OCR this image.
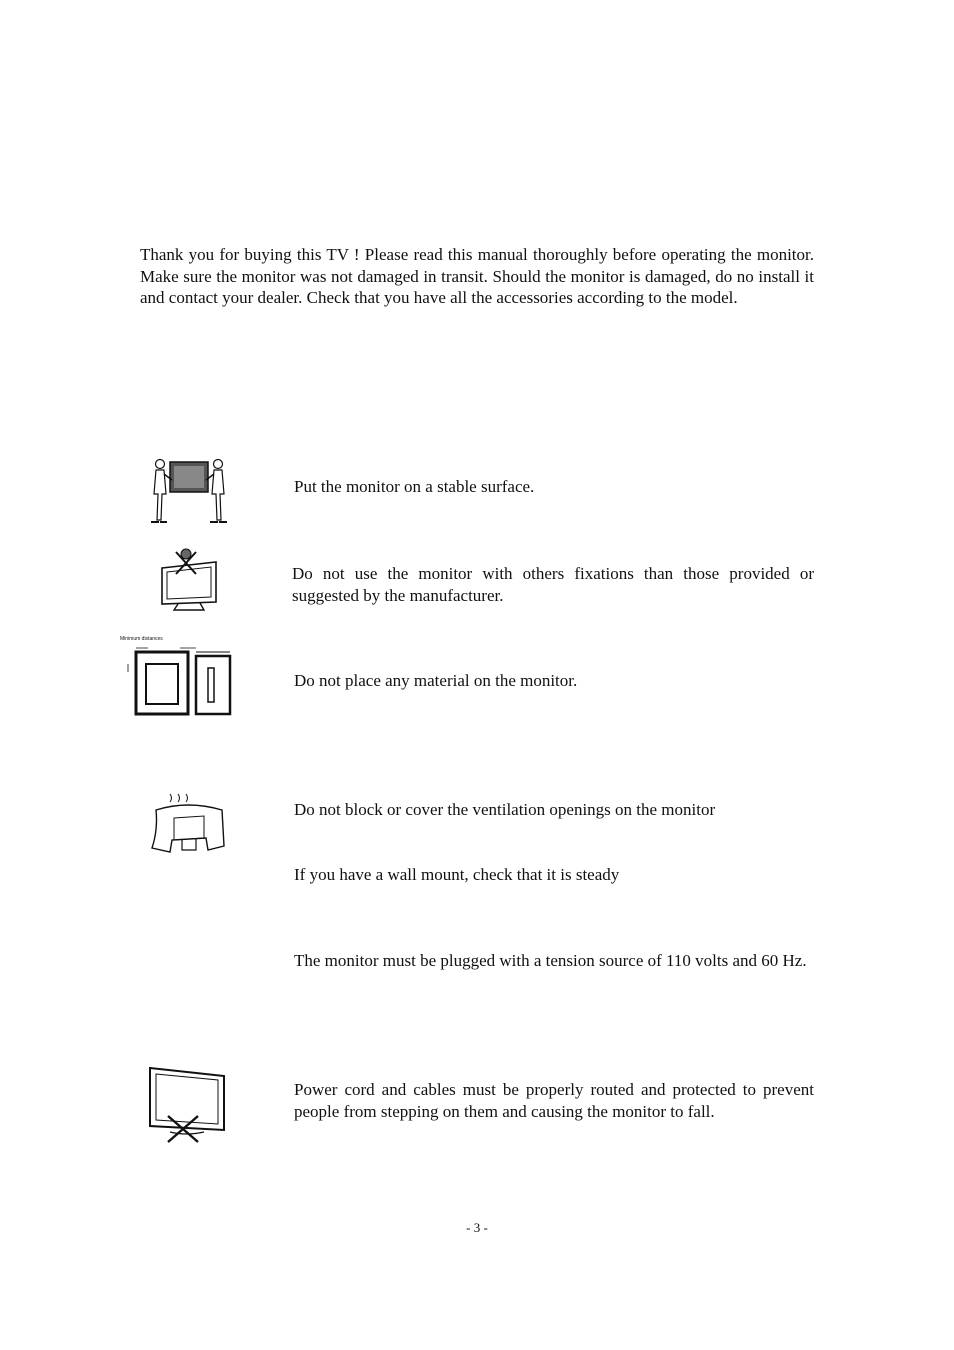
Thank you for buying this TV ! Please read this manual thoroughly before operating the monitor. Make sure the monitor was not damaged in transit. Should the monitor is damaged, do no install it and contact your dealer. Check that you have all the accessories according to the model.

Put the monitor on a stable surface.

Do not use the monitor with others fixations than those provided or suggested by the manufacturer.

Minimum distances

Do not place any material on the monitor.

Do not block or cover the ventilation openings on the monitor

If you have a wall mount, check that it is steady

The monitor must be plugged with a tension source of 110 volts and 60 Hz.

Power cord and cables must be properly routed and protected to prevent people from stepping on them and causing the monitor to fall.

- 3 -
